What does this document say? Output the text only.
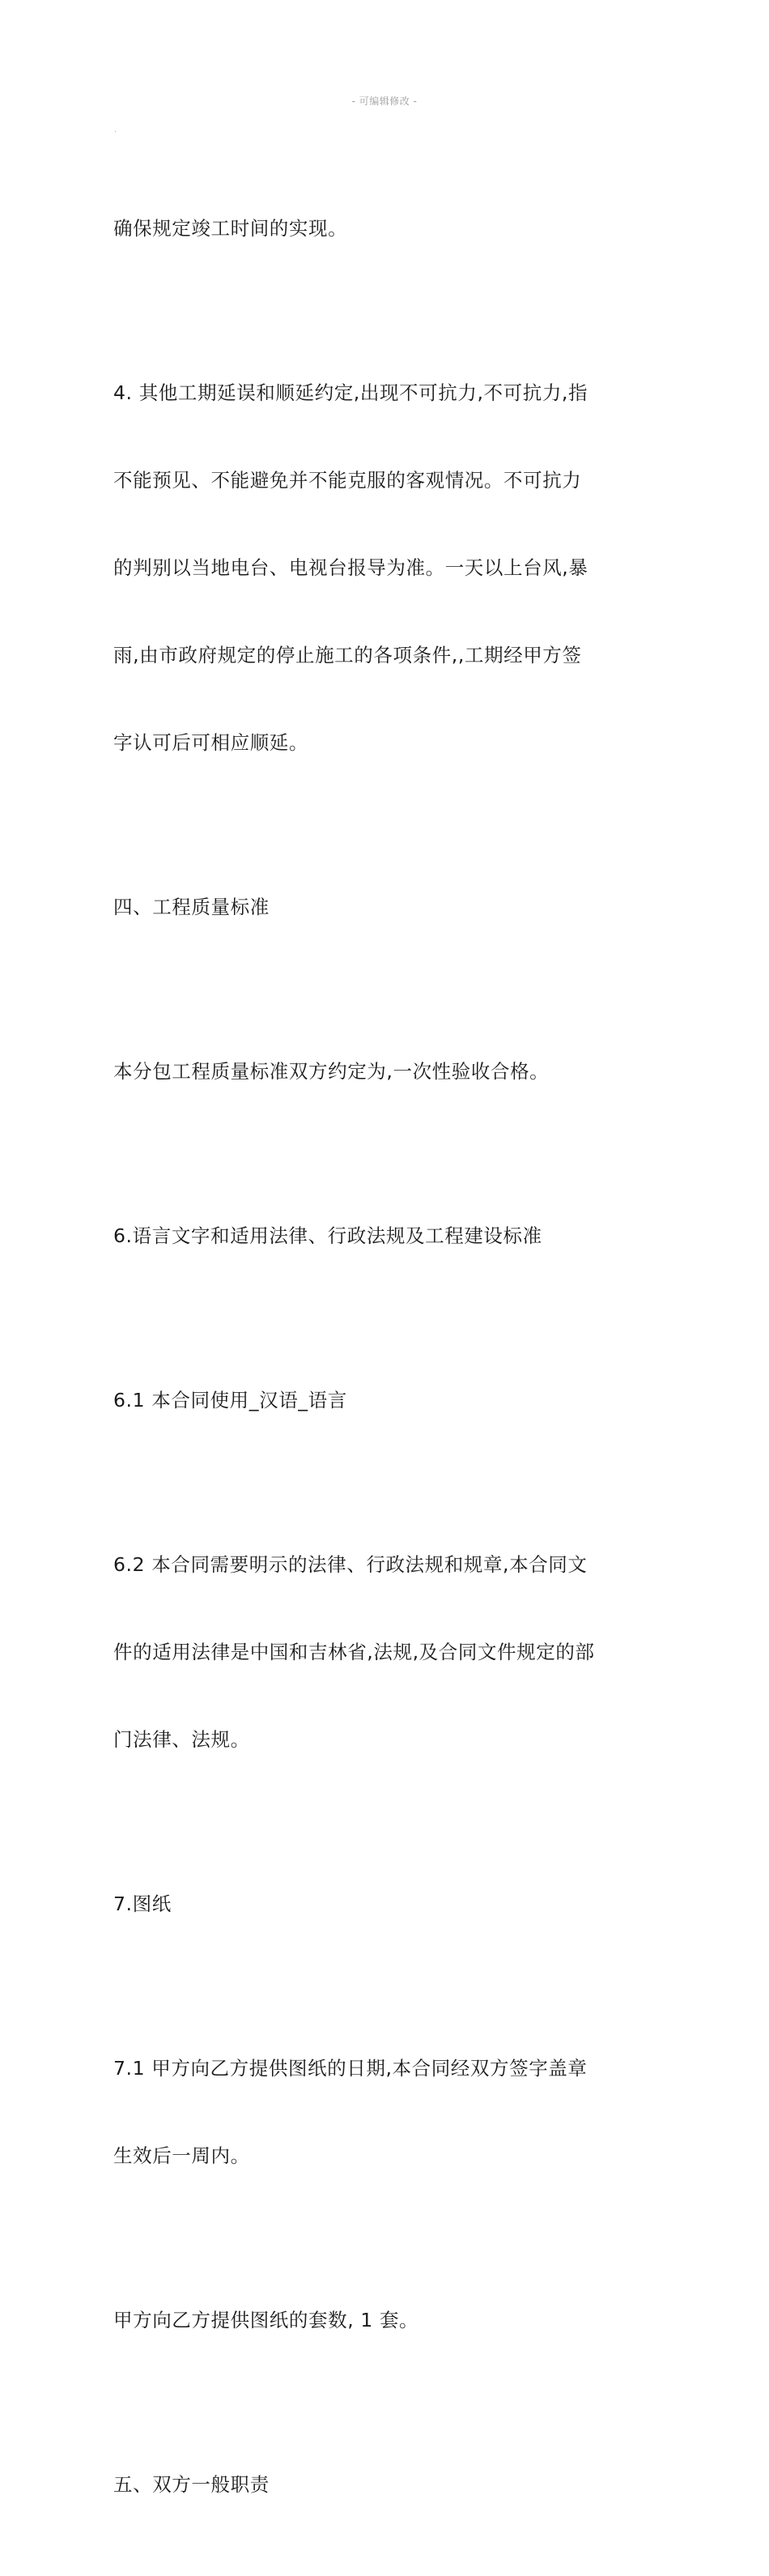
- 可编辑修改 -
.

确保规定竣工时间的实现。

4. 其他工期延误和顺延约定,出现不可抗力,不可抗力,指

不能预见、不能避免并不能克服的客观情况。不可抗力

的判别以当地电台、电视台报导为准。一天以上台风,暴

雨,由市政府规定的停止施工的各项条件,,工期经甲方签

字认可后可相应顺延。

四、工程质量标准

本分包工程质量标准双方约定为,一次性验收合格。

6.语言文字和适用法律、行政法规及工程建设标准

6.1 本合同使用_汉语_语言

6.2 本合同需要明示的法律、行政法规和规章,本合同文

件的适用法律是中国和吉林省,法规,及合同文件规定的部

门法律、法规。

7.图纸

7.1 甲方向乙方提供图纸的日期,本合同经双方签字盖章

生效后一周内。

甲方向乙方提供图纸的套数, 1 套。

五、双方一般职责
